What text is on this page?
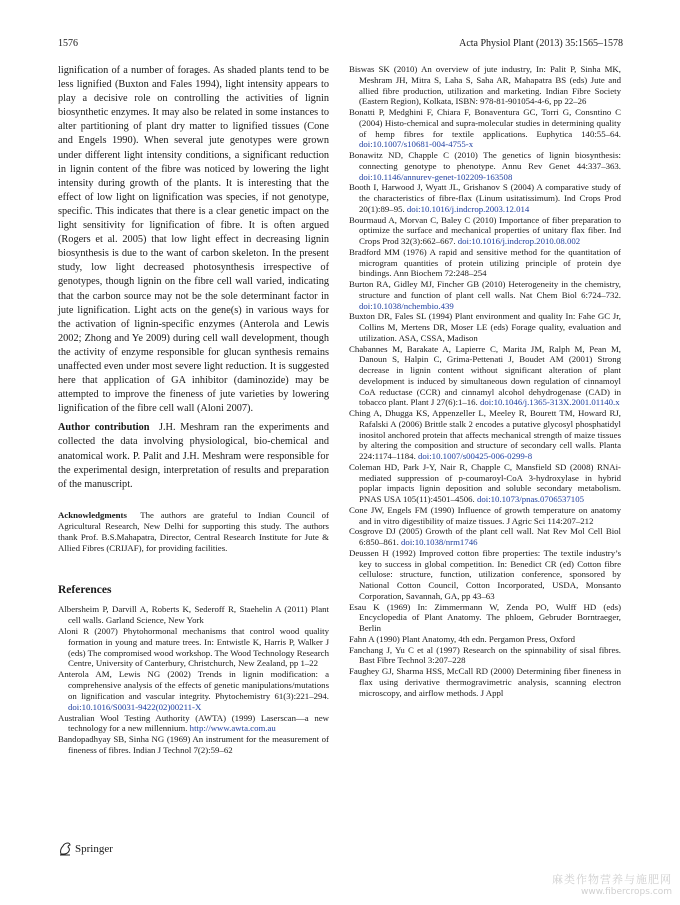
1576	Acta Physiol Plant (2013) 35:1565–1578

lignification of a number of forages. As shaded plants tend to be less lignified (Buxton and Fales 1994), light intensity appears to play a decisive role on controlling the activities of lignin biosynthetic enzymes. It may also be related in some instances to alter partitioning of plant dry matter to lignified tissues (Cone and Engels 1990). When several jute genotypes were grown under different light intensity conditions, a significant reduction in lignin content of the fibre was noticed by lowering the light intensity during growth of the plants. It is interesting that the effect of low light on lignification was species, if not genotype, specific. This indicates that there is a clear genetic impact on the light sensitivity for lignification of fibre. It is often argued (Rogers et al. 2005) that low light effect in decreasing lignin biosynthesis is due to the want of carbon skeleton. In the present study, low light decreased photosynthesis irrespective of genotypes, though lignin on the fibre cell wall varied, indicating that the carbon source may not be the sole determinant factor in jute lignification. Light acts on the gene(s) in various ways for the activation of lignin-specific enzymes (Anterola and Lewis 2002; Zhong and Ye 2009) during cell wall development, though the activity of enzyme responsible for glucan synthesis remains unaffected even under most severe light reduction. It is suggested here that application of GA inhibitor (daminozide) may be attempted to improve the fineness of jute varieties by lowering lignification of the fibre cell wall (Aloni 2007).

Author contribution J.H. Meshram ran the experiments and collected the data involving physiological, bio-chemical and anatomical work. P. Palit and J.H. Meshram were responsible for the experimental design, interpretation of results and preparation of the manuscript.

Acknowledgments The authors are grateful to Indian Council of Agricultural Research, New Delhi for supporting this study. The authors thank Prof. B.S.Mahapatra, Director, Central Research Institute for Jute & Allied Fibres (CRIJAF), for providing facilities.

References

Albersheim P, Darvill A, Roberts K, Sederoff R, Staehelin A (2011) Plant cell walls. Garland Science, New York

Aloni R (2007) Phytohormonal mechanisms that control wood quality formation in young and mature trees. In: Entwistle K, Harris P, Walker J (eds) The compromised wood workshop. The Wood Technology Research Centre, University of Canterbury, Christchurch, New Zealand, pp 1–22

Anterola AM, Lewis NG (2002) Trends in lignin modification: a comprehensive analysis of the effects of genetic manipulations/mutations on lignification and vascular integrity. Phytochemistry 61(3):221–294. doi:10.1016/S0031-9422(02)00211-X

Australian Wool Testing Authority (AWTA) (1999) Laserscan—a new technology for a new millennium. http://www.awta.com.au

Bandopadhyay SB, Sinha NG (1969) An instrument for the measurement of fineness of fibres. Indian J Technol 7(2):59–62

Biswas SK (2010) An overview of jute industry, In: Palit P, Sinha MK, Meshram JH, Mitra S, Laha S, Saha AR, Mahapatra BS (eds) Jute and allied fibre production, utilization and marketing. Indian Fibre Society (Eastern Region), Kolkata, ISBN: 978-81-901054-4-6, pp 22–26

Bonatti P, Medghini F, Chiara F, Bonaventura GC, Torri G, Consntino C (2004) Histo-chemical and supra-molecular studies in determining quality of hemp fibres for textile applications. Euphytica 140:55–64. doi:10.1007/s10681-004-4755-x

Bonawitz ND, Chapple C (2010) The genetics of lignin biosynthesis: connecting genotype to phenotype. Annu Rev Genet 44:337–363. doi:10.1146/annurev-genet-102209-163508

Booth I, Harwood J, Wyatt JL, Grishanov S (2004) A comparative study of the characteristics of fibre-flax (Linum usitatissimum). Ind Crops Prod 20(1):89–95. doi:10.1016/j.indcrop.2003.12.014

Bourmaud A, Morvan C, Baley C (2010) Importance of fiber preparation to optimize the surface and mechanical properties of unitary flax fiber. Ind Crops Prod 32(3):662–667. doi:10.1016/j.indcrop.2010.08.002

Bradford MM (1976) A rapid and sensitive method for the quantitation of microgram quantities of protein utilizing principle of protein dye bindings. Ann Biochem 72:248–254

Burton RA, Gidley MJ, Fincher GB (2010) Heterogeneity in the chemistry, structure and function of plant cell walls. Nat Chem Biol 6:724–732. doi:10.1038/nchembio.439

Buxton DR, Fales SL (1994) Plant environment and quality In: Fahe GC Jr, Collins M, Mertens DR, Moser LE (eds) Forage quality, evaluation and utilization. ASA, CSSA, Madison

Chabannes M, Barakate A, Lapierre C, Marita JM, Ralph M, Pean M, Danoun S, Halpin C, Grima-Pettenati J, Boudet AM (2001) Strong decrease in lignin content without significant alteration of plant development is induced by simultaneous down regulation of cinnamoyl CoA reductase (CCR) and cinnamyl alcohol dehydrogenase (CAD) in tobacco plant. Plant J 27(6):1–16. doi:10.1046/j.1365-313X.2001.01140.x

Ching A, Dhugga KS, Appenzeller L, Meeley R, Bourett TM, Howard RJ, Rafalski A (2006) Brittle stalk 2 encodes a putative glycosyl phosphatidyl inositol anchored protein that affects mechanical strength of maize tissues by altering the composition and structure of secondary cell walls. Planta 224:1174–1184. doi:10.1007/s00425-006-0299-8

Coleman HD, Park J-Y, Nair R, Chapple C, Mansfield SD (2008) RNAi-mediated suppression of p-coumaroyl-CoA 3-hydroxylase in hybrid poplar impacts lignin deposition and soluble secondary metabolism. PNAS USA 105(11):4501–4506. doi:10.1073/pnas.0706537105

Cone JW, Engels FM (1990) Influence of growth temperature on anatomy and in vitro digestibility of maize tissues. J Agric Sci 114:207–212

Cosgrove DJ (2005) Growth of the plant cell wall. Nat Rev Mol Cell Biol 6:850–861. doi:10.1038/nrm1746

Deussen H (1992) Improved cotton fibre properties: The textile industry’s key to success in global competition. In: Benedict CR (ed) Cotton fibre cellulose: structure, function, utilization conference, sponsored by National Cotton Council, Cotton Incorporated, USDA, Monsanto Corporation, Savannah, GA, pp 43–63

Esau K (1969) In: Zimmermann W, Zenda PO, Wulff HD (eds) Encyclopedia of Plant Anatomy. The phloem, Gebruder Borntraeger, Berlin

Fahn A (1990) Plant Anatomy, 4th edn. Pergamon Press, Oxford

Fanchang J, Yu C et al (1997) Research on the spinnability of sisal fibres. Bast Fibre Technol 3:207–228

Faughey GJ, Sharma HSS, McCall RD (2000) Determining fiber fineness in flax using derivative thermogravimetric analysis, scanning electron microscopy, and airflow methods. J Appl

Springer
麻类作物营养与施肥网
www.fibercrops.com
